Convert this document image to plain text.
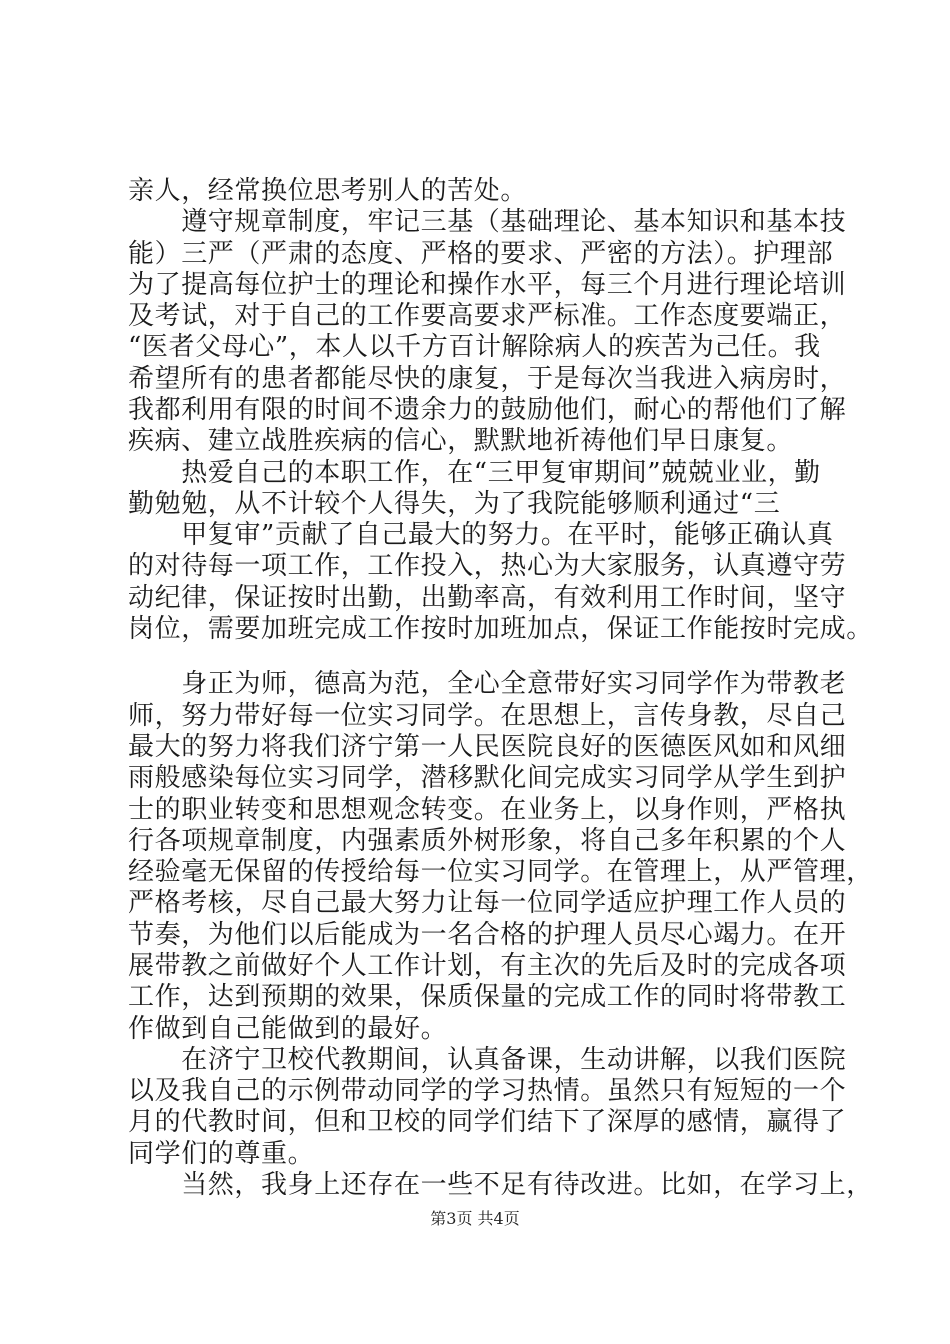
亲人，经常换位思考别人的苦处。
　　遵守规章制度，牢记三基（基础理论、基本知识和基本技
能）三严（严肃的态度、严格的要求、严密的方法）。护理部
为了提高每位护士的理论和操作水平，每三个月进行理论培训
及考试，对于自己的工作要高要求严标准。工作态度要端正，
“医者父母心”，本人以千方百计解除病人的疾苦为己任。我
希望所有的患者都能尽快的康复，于是每次当我进入病房时，
我都利用有限的时间不遗余力的鼓励他们，耐心的帮他们了解
疾病、建立战胜疾病的信心，默默地祈祷他们早日康复。
　　热爱自己的本职工作，在“三甲复审期间”兢兢业业，勤
勤勉勉，从不计较个人得失，为了我院能够顺利通过“三
　　甲复审”贡献了自己最大的努力。在平时，能够正确认真
的对待每一项工作，工作投入，热心为大家服务，认真遵守劳
动纪律，保证按时出勤，出勤率高，有效利用工作时间，坚守
岗位，需要加班完成工作按时加班加点，保证工作能按时完成。
　　身正为师，德高为范，全心全意带好实习同学作为带教老
师，努力带好每一位实习同学。在思想上，言传身教，尽自己
最大的努力将我们济宁第一人民医院良好的医德医风如和风细
雨般感染每位实习同学，潜移默化间完成实习同学从学生到护
士的职业转变和思想观念转变。在业务上，以身作则，严格执
行各项规章制度，内强素质外树形象，将自己多年积累的个人
经验毫无保留的传授给每一位实习同学。在管理上，从严管理，
严格考核，尽自己最大努力让每一位同学适应护理工作人员的
节奏，为他们以后能成为一名合格的护理人员尽心竭力。在开
展带教之前做好个人工作计划，有主次的先后及时的完成各项
工作，达到预期的效果，保质保量的完成工作的同时将带教工
作做到自己能做到的最好。
　　在济宁卫校代教期间，认真备课，生动讲解，以我们医院
以及我自己的示例带动同学的学习热情。虽然只有短短的一个
月的代教时间，但和卫校的同学们结下了深厚的感情，赢得了
同学们的尊重。
　　当然，我身上还存在一些不足有待改进。比如，在学习上，
第3页 共4页
